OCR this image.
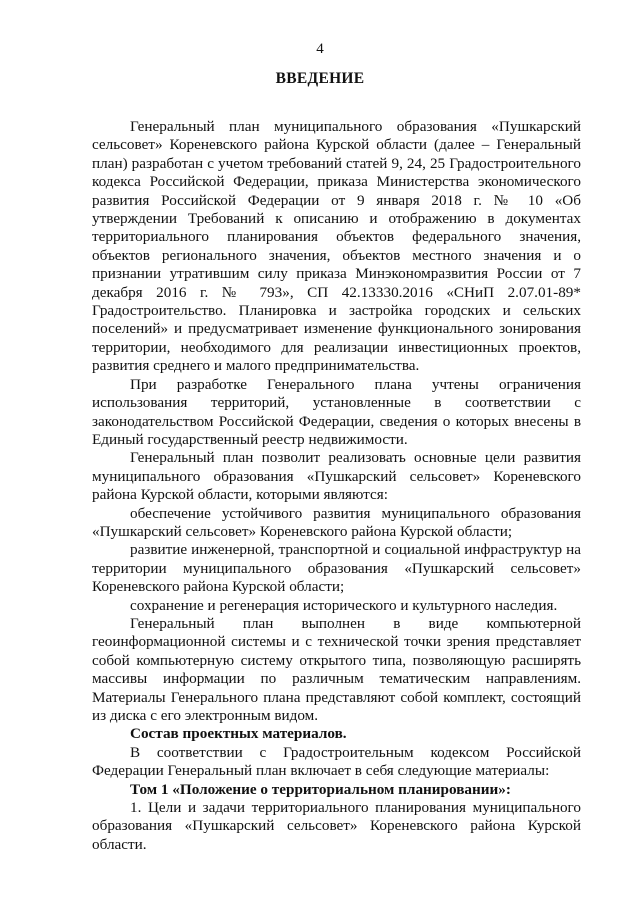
4
ВВЕДЕНИЕ

Генеральный план муниципального образования «Пушкарский сельсовет» Кореневского района Курской области (далее – Генеральный план) разработан с учетом требований статей 9, 24, 25 Градостроительного кодекса Российской Федерации, приказа Министерства экономического развития Российской Федерации от 9 января 2018 г. № 10 «Об утверждении Требований к описанию и отображению в документах территориального планирования объектов федерального значения, объектов регионального значения, объектов местного значения и о признании утратившим силу приказа Минэкономразвития России от 7 декабря 2016 г. № 793», СП 42.13330.2016 «СНиП 2.07.01-89* Градостроительство. Планировка и застройка городских и сельских поселений» и предусматривает изменение функционального зонирования территории, необходимого для реализации инвестиционных проектов, развития среднего и малого предпринимательства.

При разработке Генерального плана учтены ограничения использования территорий, установленные в соответствии с законодательством Российской Федерации, сведения о которых внесены в Единый государственный реестр недвижимости.

Генеральный план позволит реализовать основные цели развития муниципального образования «Пушкарский сельсовет» Кореневского района Курской области, которыми являются:

обеспечение устойчивого развития муниципального образования «Пушкарский сельсовет» Кореневского района Курской области;

развитие инженерной, транспортной и социальной инфраструктур на территории муниципального образования «Пушкарский сельсовет» Кореневского района Курской области;

сохранение и регенерация исторического и культурного наследия.

Генеральный план выполнен в виде компьютерной геоинформационной системы и с технической точки зрения представляет собой компьютерную систему открытого типа, позволяющую расширять массивы информации по различным тематическим направлениям. Материалы Генерального плана представляют собой комплект, состоящий из диска с его электронным видом.

Состав проектных материалов.

В соответствии с Градостроительным кодексом Российской Федерации Генеральный план включает в себя следующие материалы:

Том 1 «Положение о территориальном планировании»:

1. Цели и задачи территориального планирования муниципального образования «Пушкарский сельсовет» Кореневского района Курской области.
